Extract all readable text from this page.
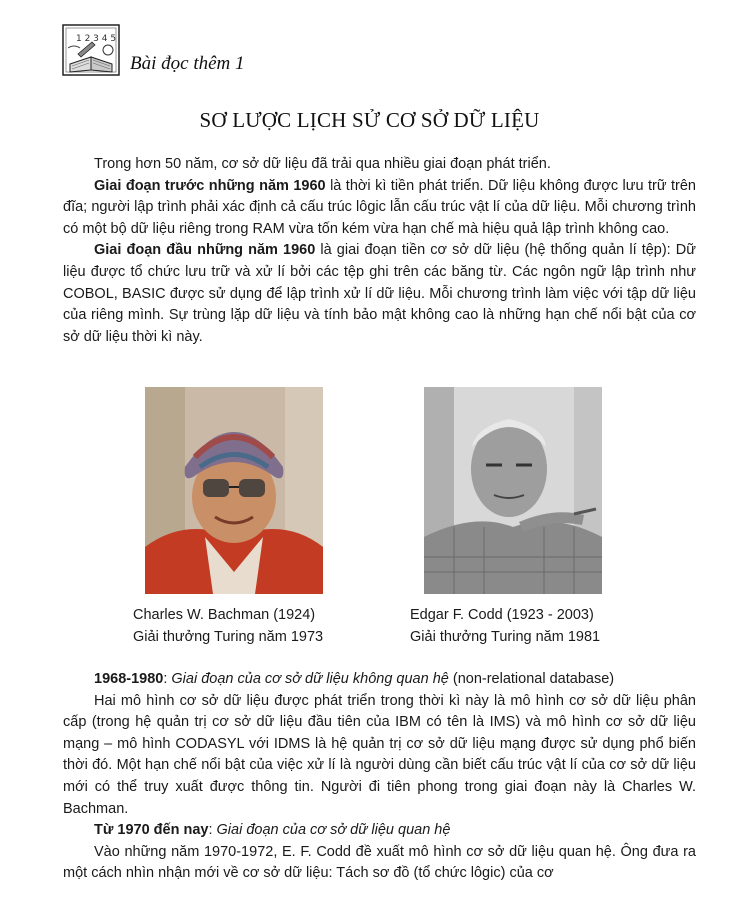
1 2 3 4 5
Bài đọc thêm 1
SƠ LƯỢC LỊCH SỬ CƠ SỞ DỮ LIỆU

Trong hơn 50 năm, cơ sở dữ liệu đã trải qua nhiều giai đoạn phát triển.

Giai đoạn trước những năm 1960 là thời kì tiền phát triển. Dữ liệu không được lưu trữ trên đĩa; người lập trình phải xác định cả cấu trúc lôgic lẫn cấu trúc vật lí của dữ liệu. Mỗi chương trình có một bộ dữ liệu riêng trong RAM vừa tốn kém vừa hạn chế mà hiệu quả lập trình không cao.

Giai đoạn đầu những năm 1960 là giai đoạn tiền cơ sở dữ liệu (hệ thống quản lí tệp): Dữ liệu được tổ chức lưu trữ và xử lí bởi các tệp ghi trên các băng từ. Các ngôn ngữ lập trình như COBOL, BASIC được sử dụng để lập trình xử lí dữ liệu. Mỗi chương trình làm việc với tập dữ liệu của riêng mình. Sự trùng lặp dữ liệu và tính bảo mật không cao là những hạn chế nổi bật của cơ sở dữ liệu thời kì này.

Charles W. Bachman (1924)
Giải thưởng Turing năm 1973
Edgar F. Codd (1923 - 2003)
Giải thưởng Turing năm 1981

1968-1980: Giai đoạn của cơ sở dữ liệu không quan hệ (non-relational database)

Hai mô hình cơ sở dữ liệu được phát triển trong thời kì này là mô hình cơ sở dữ liệu phân cấp (trong hệ quản trị cơ sở dữ liệu đầu tiên của IBM có tên là IMS) và mô hình cơ sở dữ liệu mạng – mô hình CODASYL với IDMS là hệ quản trị cơ sở dữ liệu mạng được sử dụng phổ biến thời đó. Một hạn chế nổi bật của việc xử lí là người dùng cần biết cấu trúc vật lí của cơ sở dữ liệu mới có thể truy xuất được thông tin. Người đi tiên phong trong giai đoạn này là Charles W. Bachman.

Từ 1970 đến nay: Giai đoạn của cơ sở dữ liệu quan hệ

Vào những năm 1970-1972, E. F. Codd đề xuất mô hình cơ sở dữ liệu quan hệ. Ông đưa ra một cách nhìn nhận mới về cơ sở dữ liệu: Tách sơ đồ (tổ chức lôgic) của cơ
